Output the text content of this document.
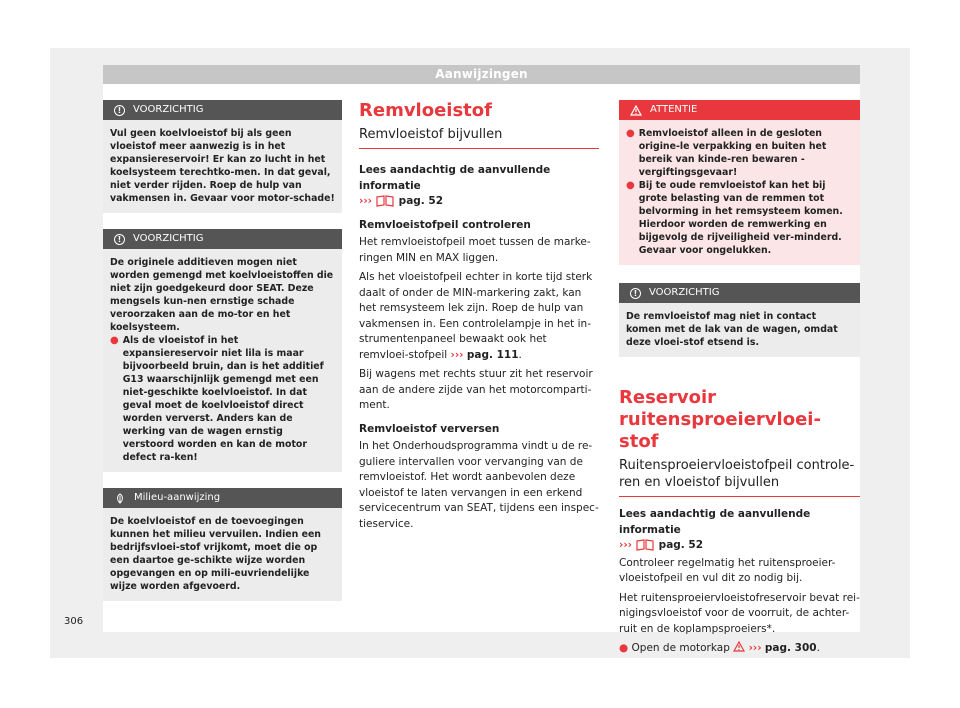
Aanwijzingen
!	VOORZICHTIG

Vul geen koelvloeistof bij als geen vloeistof meer aanwezig is in het expansiereservoir! Er kan zo lucht in het koelsysteem terechtko-men. In dat geval, niet verder rijden. Roep de hulp van vakmensen in. Gevaar voor motor-schade!

!	VOORZICHTIG

De originele additieven mogen niet worden gemengd met koelvloeistoffen die niet zijn goedgekeurd door SEAT. Deze mengsels kun-nen ernstige schade veroorzaken aan de mo-tor en het koelsysteem.

● Als de vloeistof in het expansiereservoir niet lila is maar bijvoorbeeld bruin, dan is het additief G13 waarschijnlijk gemengd met een niet-geschikte koelvloeistof. In dat geval moet de koelvloeistof direct worden ververst. Anders kan de werking van de wagen ernstig verstoord worden en kan de motor defect ra-ken!

Milieu-aanwijzing

De koelvloeistof en de toevoegingen kunnen het milieu vervuilen. Indien een bedrijfsvloei-stof vrijkomt, moet die op een daartoe ge-schikte wijze worden opgevangen en op mili-euvriendelijke wijze worden afgevoerd.

Remvloeistof
Remvloeistof bijvullen
Lees aandachtig de aanvullende informatie
›››	pag. 52
Remvloeistofpeil controleren
Het remvloeistofpeil moet tussen de marke-ringen MIN en MAX liggen.
Als het vloeistofpeil echter in korte tijd sterk daalt of onder de MIN-markering zakt, kan het remsysteem lek zijn. Roep de hulp van vakmensen in. Een controlelampje in het in-strumentenpaneel bewaakt ook het remvloei-stofpeil ››› pag. 111.
Bij wagens met rechts stuur zit het reservoir aan de andere zijde van het motorcomparti-ment.
Remvloeistof verversen
In het Onderhoudsprogramma vindt u de re-guliere intervallen voor vervanging van de remvloeistof. Het wordt aanbevolen deze vloeistof te laten vervangen in een erkend servicecentrum van SEAT, tijdens een inspec-tieservice.
ATTENTIE
● Remvloeistof alleen in de gesloten origine-le verpakking en buiten het bereik van kinde-ren bewaren - vergiftingsgevaar!

● Bij te oude remvloeistof kan het bij grote belasting van de remmen tot belvorming in het remsysteem komen. Hierdoor worden de remwerking en bijgevolg de rijveiligheid ver-minderd. Gevaar voor ongelukken.

!	VOORZICHTIG

De remvloeistof mag niet in contact komen met de lak van de wagen, omdat deze vloei-stof etsend is.

Reservoir ruitensproeiervloei-stof
Ruitensproeiervloeistofpeil controle-ren en vloeistof bijvullen
Lees aandachtig de aanvullende informatie
›››	pag. 52
Controleer regelmatig het ruitensproeier-vloeistofpeil en vul dit zo nodig bij.
Het ruitensproeiervloeistofreservoir bevat rei-nigingsvloeistof voor de voorruit, de achter-ruit en de koplampsproeiers*.
● Open de motorkap ››› pag. 300.
306
